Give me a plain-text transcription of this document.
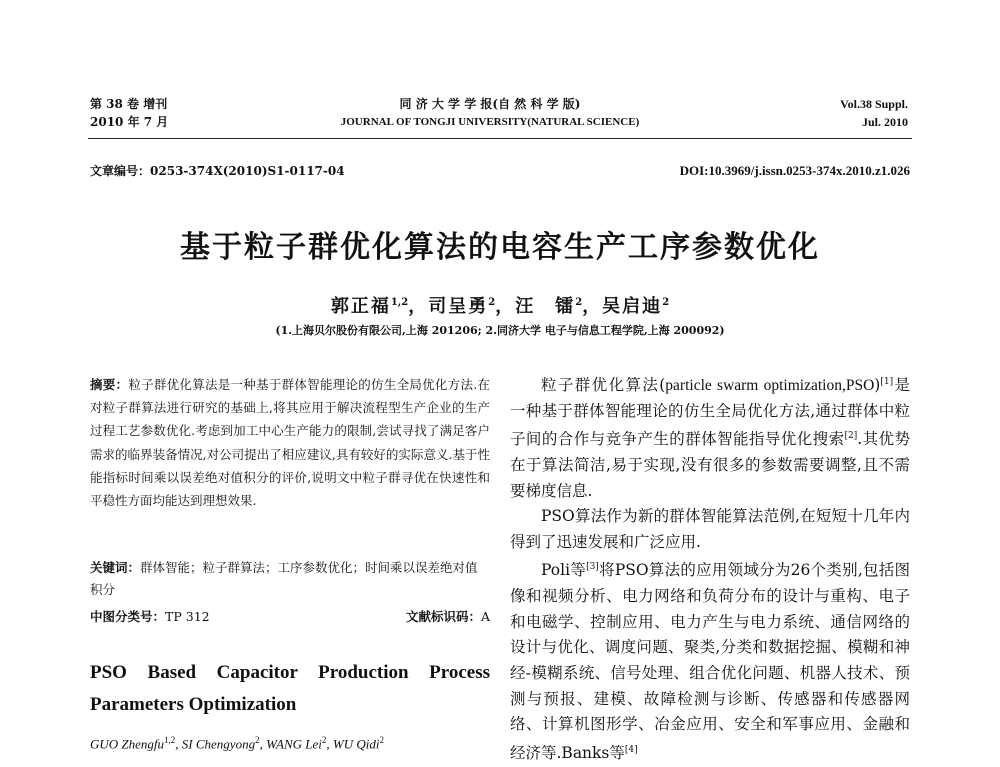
第 38 卷 增刊
2010 年 7 月
同 济 大 学 学 报(自 然 科 学 版)
JOURNAL OF TONGJI UNIVERSITY(NATURAL SCIENCE)
Vol.38 Suppl.
Jul. 2010
文章编号：0253-374X(2010)S1-0117-04	DOI:10.3969/j.issn.0253-374x.2010.z1.026
基于粒子群优化算法的电容生产工序参数优化
郭正福$^{1,2}$，司呈勇$^2$，汪　镭$^2$，吴启迪$^2$
(1.上海贝尔股份有限公司,上海 201206; 2.同济大学 电子与信息工程学院,上海 200092)
摘要：粒子群优化算法是一种基于群体智能理论的仿生全局优化方法.在对粒子群算法进行研究的基础上,将其应用于解决流程型生产企业的生产过程工艺参数优化.考虑到加工中心生产能力的限制,尝试寻找了满足客户需求的临界装备情况,对公司提出了相应建议,具有较好的实际意义.基于性能指标时间乘以误差绝对值积分的评价,说明文中粒子群寻优在快速性和平稳性方面均能达到理想效果.
关键词：群体智能；粒子群算法；工序参数优化；时间乘以误差绝对值积分
中图分类号：TP 312	文献标识码：A
PSO Based Capacitor Production Process
Parameters Optimization
GUO Zhengfu$^{1,2}$, SI Chengyong$^2$, WANG Lei$^2$, WU Qidi$^2$

粒子群优化算法(particle swarm optimization,PSO)[1]是一种基于群体智能理论的仿生全局优化方法,通过群体中粒子间的合作与竞争产生的群体智能指导优化搜索[2].其优势在于算法简洁,易于实现,没有很多的参数需要调整,且不需要梯度信息.

PSO算法作为新的群体智能算法范例,在短短十几年内得到了迅速发展和广泛应用.

Poli等[3]将PSO算法的应用领域分为26个类别,包括图像和视频分析、电力网络和负荷分布的设计与重构、电子和电磁学、控制应用、电力产生与电力系统、通信网络的设计与优化、调度问题、聚类,分类和数据挖掘、模糊和神经-模糊系统、信号处理、组合优化问题、机器人技术、预测与预报、建模、故障检测与诊断、传感器和传感器网络、计算机图形学、冶金应用、安全和军事应用、金融和经济等.Banks等[4]
